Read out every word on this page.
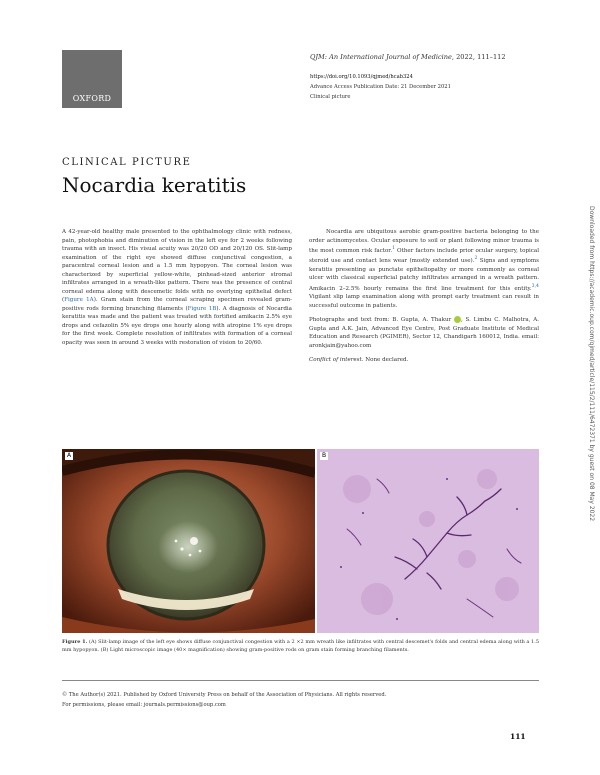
OXFORD
QJM: An International Journal of Medicine, 2022, 111–112
https://doi.org/10.1093/qjmed/hcab324
Advance Access Publication Date: 21 December 2021
Clinical picture
CLINICAL PICTURE
Nocardia keratitis

A 42-year-old healthy male presented to the ophthalmology clinic with redness, pain, photophobia and diminution of vision in the left eye for 2 weeks following trauma with an insect. His visual acuity was 20/20 OD and 20/120 OS. Slit-lamp examination of the right eye showed diffuse conjunctival congestion, a paracentral corneal lesion and a 1.5 mm hypopyon. The corneal lesion was characterized by superficial yellow-white, pinhead-sized anterior stromal infiltrates arranged in a wreath-like pattern. There was the presence of central corneal edema along with descemetic folds with no overlying epithelial defect (Figure 1A). Gram stain from the corneal scraping specimen revealed gram-positive rods forming branching filaments (Figure 1B). A diagnosis of Nocardia keratitis was made and the patient was treated with fortified amikacin 2.5% eye drops and cefazolin 5% eye drops one hourly along with atropine 1% eye drops for the first week. Complete resolution of infiltrates with formation of a corneal opacity was seen in around 3 weeks with restoration of vision to 20/60.

Nocardia are ubiquitous aerobic gram-positive bacteria belonging to the order actinomycetes. Ocular exposure to soil or plant following minor trauma is the most common risk factor.$^1$ Other factors include prior ocular surgery, topical steroid use and contact lens wear (mostly extended use).$^2$ Signs and symptoms keratitis presenting as punctate epitheliopathy or more commonly as corneal ulcer with classical superficial patchy infiltrates arranged in a wreath pattern. Amikacin 2–2.5% hourly remains the first line treatment for this entity.$^{3,4}$ Vigilant slip lamp examination along with prompt early treatment can result in successful outcome in patients.

Photographs and text from: B. Gupta, A. Thakur , S. Limbu C. Malhotra, A. Gupta and A.K. Jain, Advanced Eye Centre, Post Graduate Institute of Medical Education and Research (PGIMER), Sector 12, Chandigarh 160012, India. email: aronkjain@yahoo.com

Conflict of interest. None declared.

A	B
Figure 1. (A) Slit-lamp image of the left eye shows diffuse conjunctival congestion with a 2 ×2 mm wreath like infiltrates with central descemet's folds and central edema along with a 1.5 mm hypopyon. (B) Light microscopic image (40× magnification) showing gram-positive rods on gram stain forming branching filaments.
© The Author(s) 2021. Published by Oxford University Press on behalf of the Association of Physicians. All rights reserved.
For permissions, please email: journals.permissions@oup.com
111
Downloaded from https://academic.oup.com/qjmed/article/115/2/111/6472371 by guest on 08 May 2022
